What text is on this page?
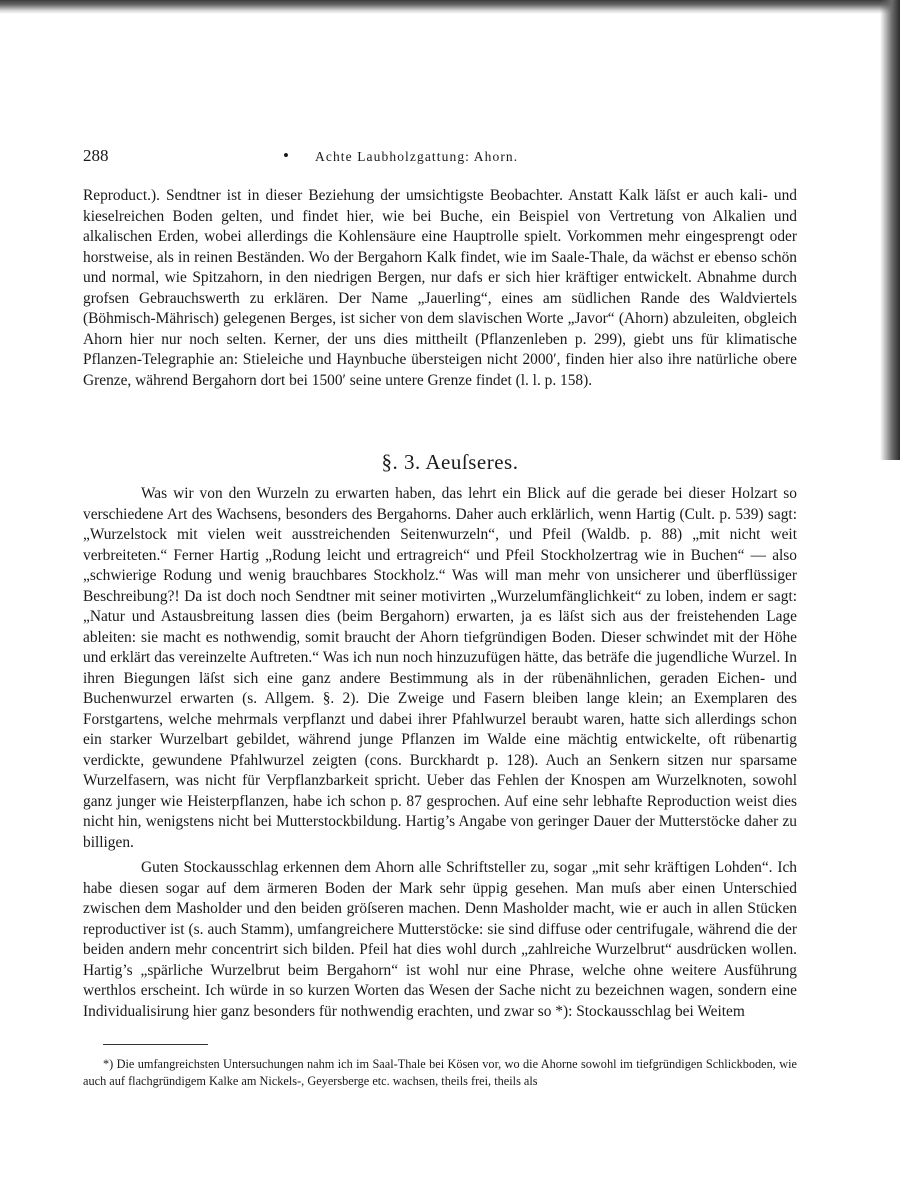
288	• Achte Laubholzgattung: Ahorn.

Reproduct.). Sendtner ist in dieser Beziehung der umsichtigste Beobachter. Anstatt Kalk läſst er auch kali- und kieselreichen Boden gelten, und findet hier, wie bei Buche, ein Beispiel von Vertretung von Alkalien und alkalischen Erden, wobei allerdings die Kohlensäure eine Hauptrolle spielt. Vorkommen mehr eingesprengt oder horstweise, als in reinen Beständen. Wo der Bergahorn Kalk findet, wie im Saale-Thale, da wächst er ebenso schön und normal, wie Spitzahorn, in den niedrigen Bergen, nur dafs er sich hier kräftiger entwickelt. Abnahme durch grofsen Gebrauchswerth zu erklären. Der Name „Jauerling“, eines am südlichen Rande des Waldviertels (Böhmisch-Mährisch) gelegenen Berges, ist sicher von dem slavischen Worte „Javor“ (Ahorn) abzuleiten, obgleich Ahorn hier nur noch selten. Kerner, der uns dies mittheilt (Pflanzenleben p. 299), giebt uns für klimatische Pflanzen-Telegraphie an: Stieleiche und Haynbuche übersteigen nicht 2000′, finden hier also ihre natürliche obere Grenze, während Bergahorn dort bei 1500′ seine untere Grenze findet (l. l. p. 158).

§. 3. Aeuſseres.

Was wir von den Wurzeln zu erwarten haben, das lehrt ein Blick auf die gerade bei dieser Holzart so verschiedene Art des Wachsens, besonders des Bergahorns. Daher auch erklärlich, wenn Hartig (Cult. p. 539) sagt: „Wurzelstock mit vielen weit ausstreichenden Seitenwurzeln“, und Pfeil (Waldb. p. 88) „mit nicht weit verbreiteten.“ Ferner Hartig „Rodung leicht und ertragreich“ und Pfeil Stockholzertrag wie in Buchen“ — also „schwierige Rodung und wenig brauchbares Stockholz.“ Was will man mehr von unsicherer und überflüssiger Beschreibung?! Da ist doch noch Sendtner mit seiner motivirten „Wurzelumfänglichkeit“ zu loben, indem er sagt: „Natur und Astausbreitung lassen dies (beim Bergahorn) erwarten, ja es läſst sich aus der freistehenden Lage ableiten: sie macht es nothwendig, somit braucht der Ahorn tiefgründigen Boden. Dieser schwindet mit der Höhe und erklärt das vereinzelte Auftreten.“ Was ich nun noch hinzuzufügen hätte, das beträfe die jugendliche Wurzel. In ihren Biegungen läſst sich eine ganz andere Bestimmung als in der rübenähnlichen, geraden Eichen- und Buchenwurzel erwarten (s. Allgem. §. 2). Die Zweige und Fasern bleiben lange klein; an Exemplaren des Forstgartens, welche mehrmals verpflanzt und dabei ihrer Pfahlwurzel beraubt waren, hatte sich allerdings schon ein starker Wurzelbart gebildet, während junge Pflanzen im Walde eine mächtig entwickelte, oft rübenartig verdickte, gewundene Pfahlwurzel zeigten (cons. Burckhardt p. 128). Auch an Senkern sitzen nur sparsame Wurzelfasern, was nicht für Verpflanzbarkeit spricht. Ueber das Fehlen der Knospen am Wurzelknoten, sowohl ganz junger wie Heisterpflanzen, habe ich schon p. 87 gesprochen. Auf eine sehr lebhafte Reproduction weist dies nicht hin, wenigstens nicht bei Mutterstockbildung. Hartig’s Angabe von geringer Dauer der Mutterstöcke daher zu billigen.

Guten Stockausschlag erkennen dem Ahorn alle Schriftsteller zu, sogar „mit sehr kräftigen Lohden“. Ich habe diesen sogar auf dem ärmeren Boden der Mark sehr üppig gesehen. Man muſs aber einen Unterschied zwischen dem Masholder und den beiden gröſseren machen. Denn Masholder macht, wie er auch in allen Stücken reproductiver ist (s. auch Stamm), umfangreichere Mutterstöcke: sie sind diffuse oder centrifugale, während die der beiden andern mehr concentrirt sich bilden. Pfeil hat dies wohl durch „zahlreiche Wurzelbrut“ ausdrücken wollen. Hartig’s „spärliche Wurzelbrut beim Bergahorn“ ist wohl nur eine Phrase, welche ohne weitere Ausführung werthlos erscheint. Ich würde in so kurzen Worten das Wesen der Sache nicht zu bezeichnen wagen, sondern eine Individualisirung hier ganz besonders für nothwendig erachten, und zwar so *): Stockausschlag bei Weitem

*) Die umfangreichsten Untersuchungen nahm ich im Saal-Thale bei Kösen vor, wo die Ahorne sowohl im tiefgründigen Schlickboden, wie auch auf flachgründigem Kalke am Nickels-, Geyersberge etc. wachsen, theils frei, theils als
